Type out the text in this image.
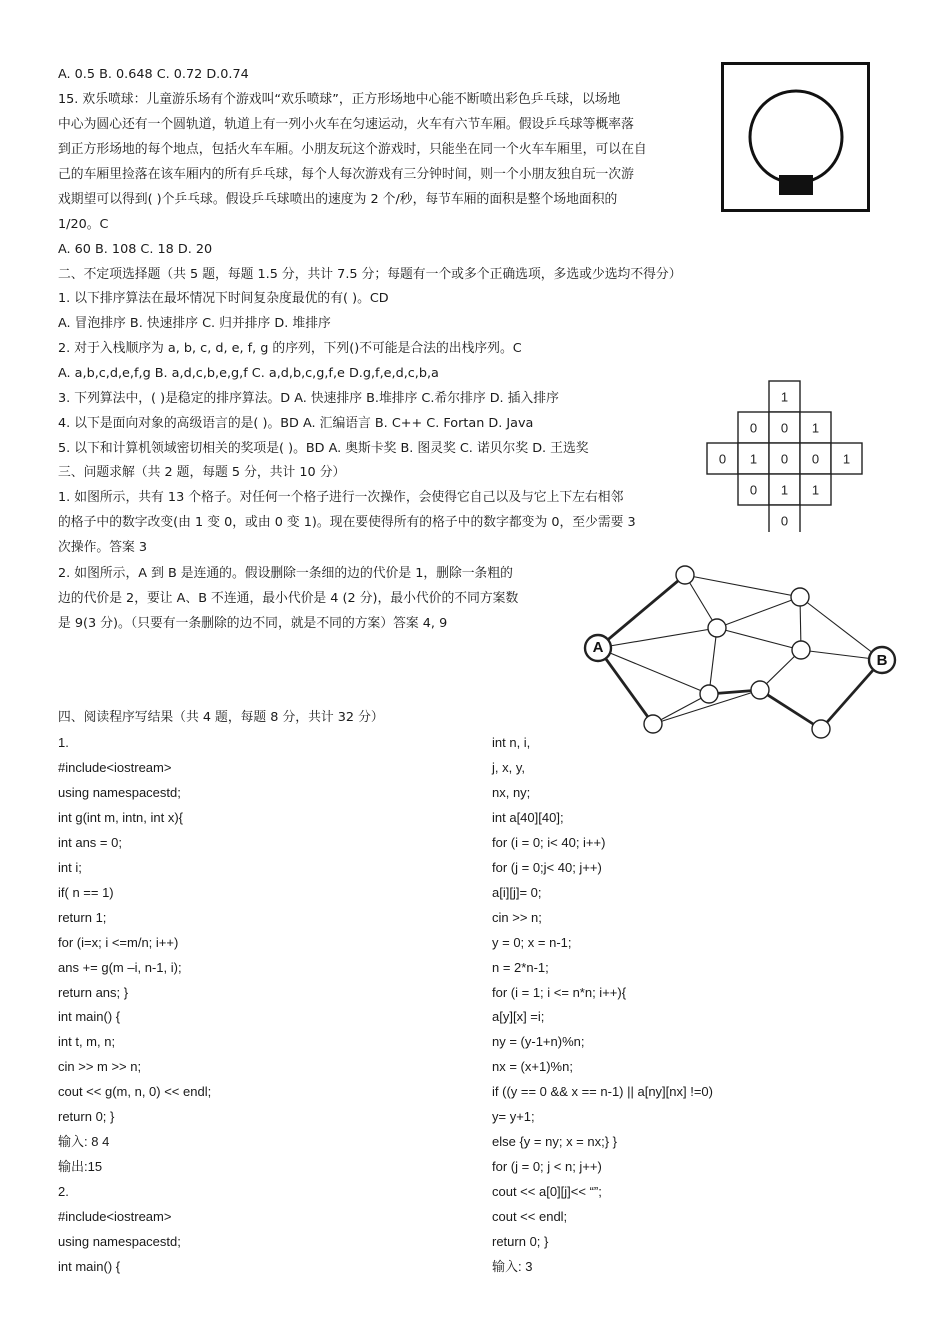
A. 0.5 B. 0.648 C. 0.72 D.0.74
15. 欢乐喷球：儿童游乐场有个游戏叫“欢乐喷球”，正方形场地中心能不断喷出彩色乒乓球，以场地
中心为圆心还有一个圆轨道，轨道上有一列小火车在匀速运动，火车有六节车厢。假设乒乓球等概率落
到正方形场地的每个地点，包括火车车厢。小朋友玩这个游戏时，只能坐在同一个火车车厢里，可以在自
己的车厢里捡落在该车厢内的所有乒乓球，每个人每次游戏有三分钟时间，则一个小朋友独自玩一次游
戏期望可以得到( )个乒乓球。假设乒乓球喷出的速度为 2 个/秒，每节车厢的面积是整个场地面积的
1/20。C
A. 60 B. 108 C. 18 D. 20
二、不定项选择题（共 5 题，每题 1.5 分，共计 7.5 分；每题有一个或多个正确选项，多选或少选均不得分）
1. 以下排序算法在最坏情况下时间复杂度最优的有( )。CD
A. 冒泡排序 B. 快速排序 C. 归并排序 D. 堆排序
2. 对于入栈顺序为 a, b, c, d, e, f, g 的序列，下列()不可能是合法的出栈序列。C
A. a,b,c,d,e,f,g B. a,d,c,b,e,g,f C. a,d,b,c,g,f,e D.g,f,e,d,c,b,a
3. 下列算法中，( )是稳定的排序算法。D A. 快速排序 B.堆排序 C.希尔排序 D. 插入排序
4. 以下是面向对象的高级语言的是( )。BD A. 汇编语言 B. C++ C. Fortan D. Java
5. 以下和计算机领域密切相关的奖项是( )。BD A. 奥斯卡奖 B. 图灵奖 C. 诺贝尔奖 D. 王选奖
三、问题求解（共 2 题，每题 5 分，共计 10 分）
1. 如图所示，共有 13 个格子。对任何一个格子进行一次操作，会使得它自己以及与它上下左右相邻
的格子中的数字改变(由 1 变 0，或由 0 变 1)。现在要使得所有的格子中的数字都变为 0，至少需要 3
次操作。答案 3
2. 如图所示，A 到 B 是连通的。假设删除一条细的边的代价是 1，删除一条粗的
边的代价是 2，要让 A、B 不连通，最小代价是 4 (2 分)，最小代价的不同方案数
是 9(3 分)。（只要有一条删除的边不同，就是不同的方案）答案 4, 9
四、阅读程序写结果（共 4 题，每题 8 分，共计 32 分）
1.
#include<iostream>
using namespacestd;
int g(int m, intn, int x){
int ans = 0;
int i;
if( n == 1)
return 1;
for (i=x; i <=m/n; i++)
ans += g(m –i, n-1, i);
return ans; }
int main() {
int t, m, n;
cin >> m >> n;
cout << g(m, n, 0) << endl;
return 0; }
输入: 8 4
输出:15
2.
#include<iostream>
using namespacestd;
int main() {
int n, i,
j, x, y,
nx, ny;
int a[40][40];
for (i = 0; i< 40; i++)
for (j = 0;j< 40; j++)
a[i][j]= 0;
cin >> n;
y = 0; x = n-1;
n = 2*n-1;
for (i = 1; i <= n*n; i++){
a[y][x] =i;
ny = (y-1+n)%n;
nx = (x+1)%n;
if ((y == 0 && x == n-1) || a[ny][nx] !=0)
y= y+1;
else {y = ny; x = nx;} }
for (j = 0; j < n; j++)
cout << a[0][j]<< “”;
cout << endl;
return 0; }
输入: 3
1
0 0 1
0 1 0 0 1
0 1 1
0
A
B
